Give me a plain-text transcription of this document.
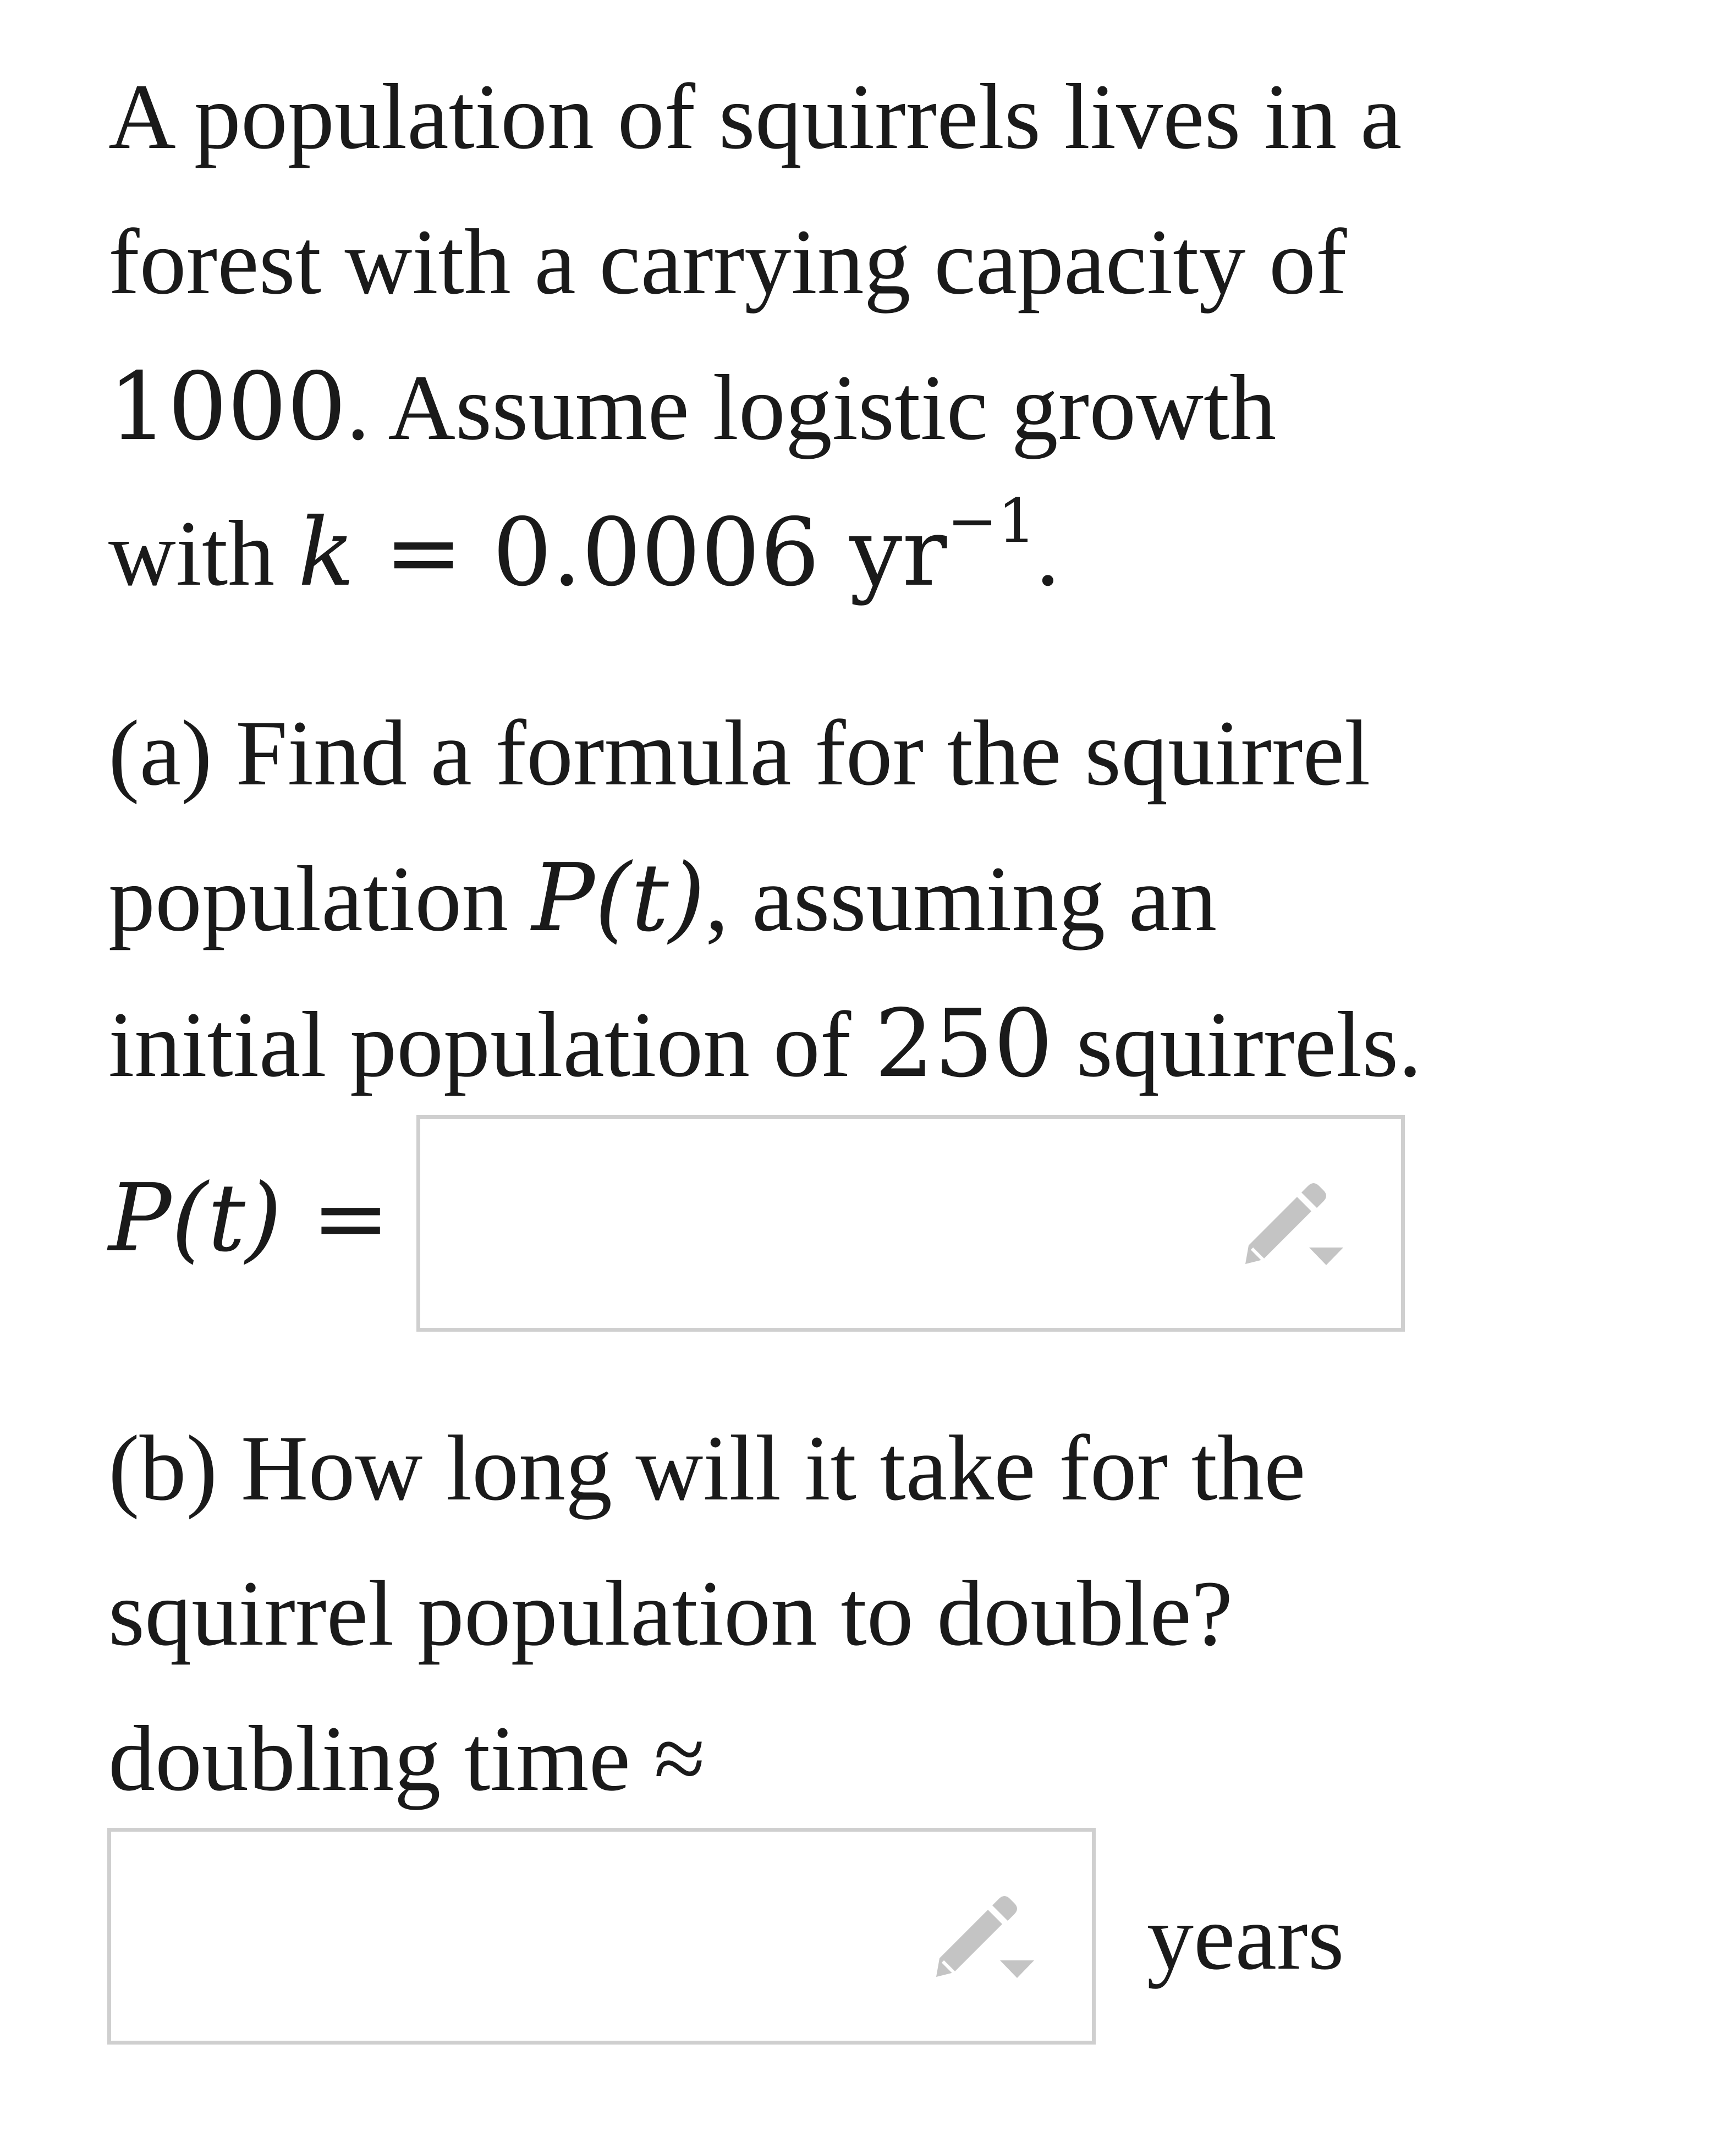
A population of squirrels lives in a

forest with a carrying capacity of

1000. Assume logistic growth

with k = 0.0006 $yr^{-1}$.

(a) Find a formula for the squirrel

population P(t), assuming an

initial population of 250 squirrels.

P(t) =

(b) How long will it take for the

squirrel population to double?

doubling time ≈

years
